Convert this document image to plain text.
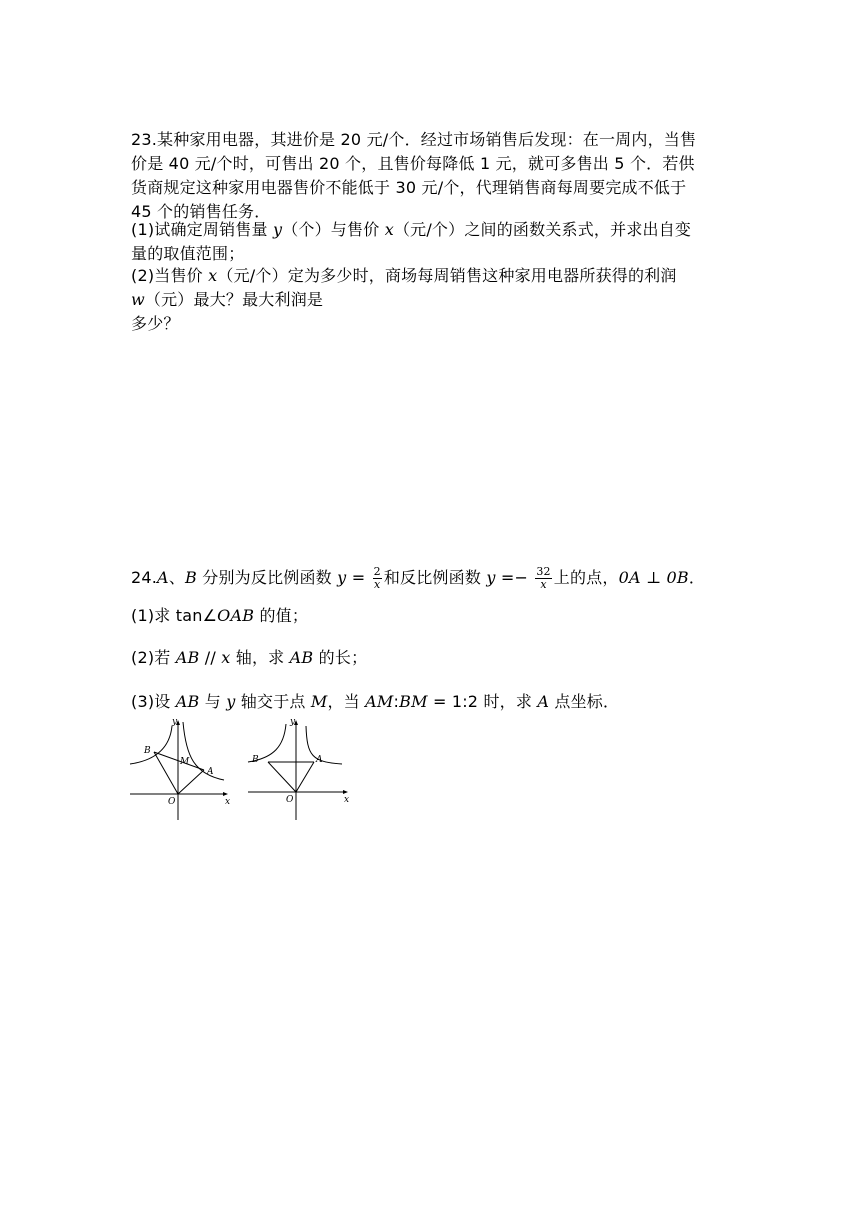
23.某种家用电器，其进价是 20 元/个．经过市场销售后发现：在一周内，当售
价是 40 元/个时，可售出 20 个，且售价每降低 1 元，就可多售出 5 个．若供
货商规定这种家用电器售价不能低于 30 元/个，代理销售商每周要完成不低于
45 个的销售任务．
(1)试确定周销售量 y（个）与售价 x（元/个）之间的函数关系式，并求出自变
量的取值范围；
(2)当售价 x（元/个）定为多少时，商场每周销售这种家用电器所获得的利润
w（元）最大？最大利润是
多少？
24.A、B 分别为反比例函数 $y = \frac{2}{x}$ 和反比例函数 $y =- \frac{32}{x}$ 上的点，0A ⊥ 0B．
(1)求 tan∠OAB 的值；
(2)若 AB // x 轴，求 AB 的长；
(3)设 AB 与 y 轴交于点 M，当 AM:BM = 1:2 时，求 A 点坐标．
y
x
O
A
B
M
y
x
O
A
B
